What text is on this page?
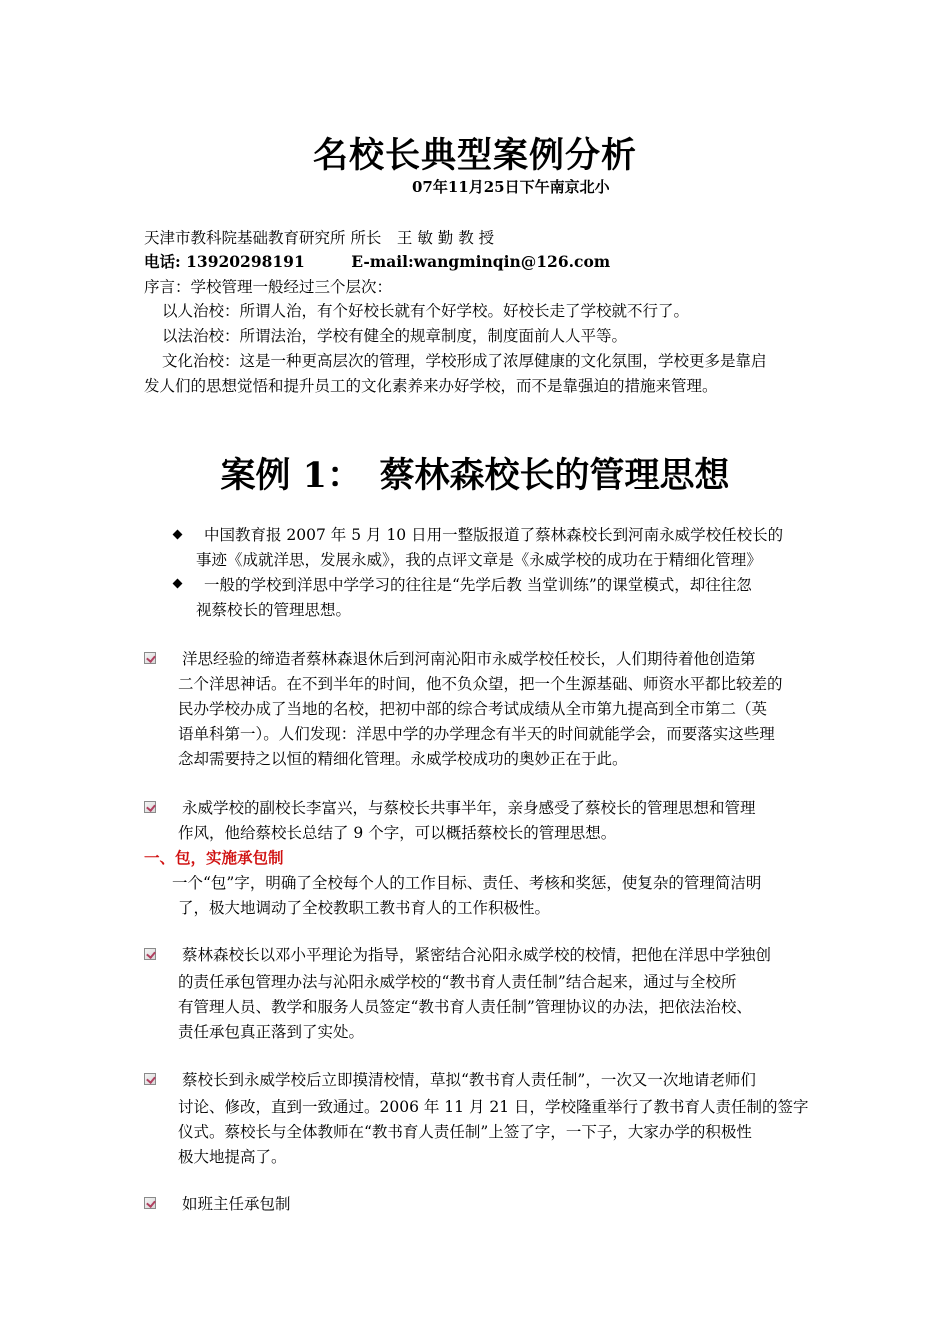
名校长典型案例分析
07年11月25日下午南京北小
天津市教科院基础教育研究所 所长　王 敏 勤 教 授
电话: 13920298191　　　E-mail:wangminqin@126.com
序言：学校管理一般经过三个层次：
以人治校：所谓人治，有个好校长就有个好学校。好校长走了学校就不行了。
以法治校：所谓法治，学校有健全的规章制度，制度面前人人平等。
文化治校：这是一种更高层次的管理，学校形成了浓厚健康的文化氛围，学校更多是靠启
发人们的思想觉悟和提升员工的文化素养来办好学校，而不是靠强迫的措施来管理。
案例 1：　蔡林森校长的管理思想
中国教育报 2007 年 5 月 10 日用一整版报道了蔡林森校长到河南永威学校任校长的
事迹《成就洋思，发展永威》，我的点评文章是《永威学校的成功在于精细化管理》
一般的学校到洋思中学学习的往往是“先学后教 当堂训练”的课堂模式，却往往忽
视蔡校长的管理思想。
洋思经验的缔造者蔡林森退休后到河南沁阳市永威学校任校长，人们期待着他创造第
二个洋思神话。在不到半年的时间，他不负众望，把一个生源基础、师资水平都比较差的
民办学校办成了当地的名校，把初中部的综合考试成绩从全市第九提高到全市第二（英
语单科第一）。人们发现：洋思中学的办学理念有半天的时间就能学会，而要落实这些理
念却需要持之以恒的精细化管理。永威学校成功的奥妙正在于此。
永威学校的副校长李富兴，与蔡校长共事半年，亲身感受了蔡校长的管理思想和管理
作风，他给蔡校长总结了 9 个字，可以概括蔡校长的管理思想。
一、包，实施承包制
一个“包”字，明确了全校每个人的工作目标、责任、考核和奖惩，使复杂的管理简洁明
了，极大地调动了全校教职工教书育人的工作积极性。
蔡林森校长以邓小平理论为指导，紧密结合沁阳永威学校的校情，把他在洋思中学独创
的责任承包管理办法与沁阳永威学校的“教书育人责任制”结合起来，通过与全校所
有管理人员、教学和服务人员签定“教书育人责任制”管理协议的办法，把依法治校、
责任承包真正落到了实处。
蔡校长到永威学校后立即摸清校情，草拟“教书育人责任制”，一次又一次地请老师们
讨论、修改，直到一致通过。2006 年 11 月 21 日，学校隆重举行了教书育人责任制的签字
仪式。蔡校长与全体教师在“教书育人责任制”上签了字，一下子，大家办学的积极性
极大地提高了。
如班主任承包制
